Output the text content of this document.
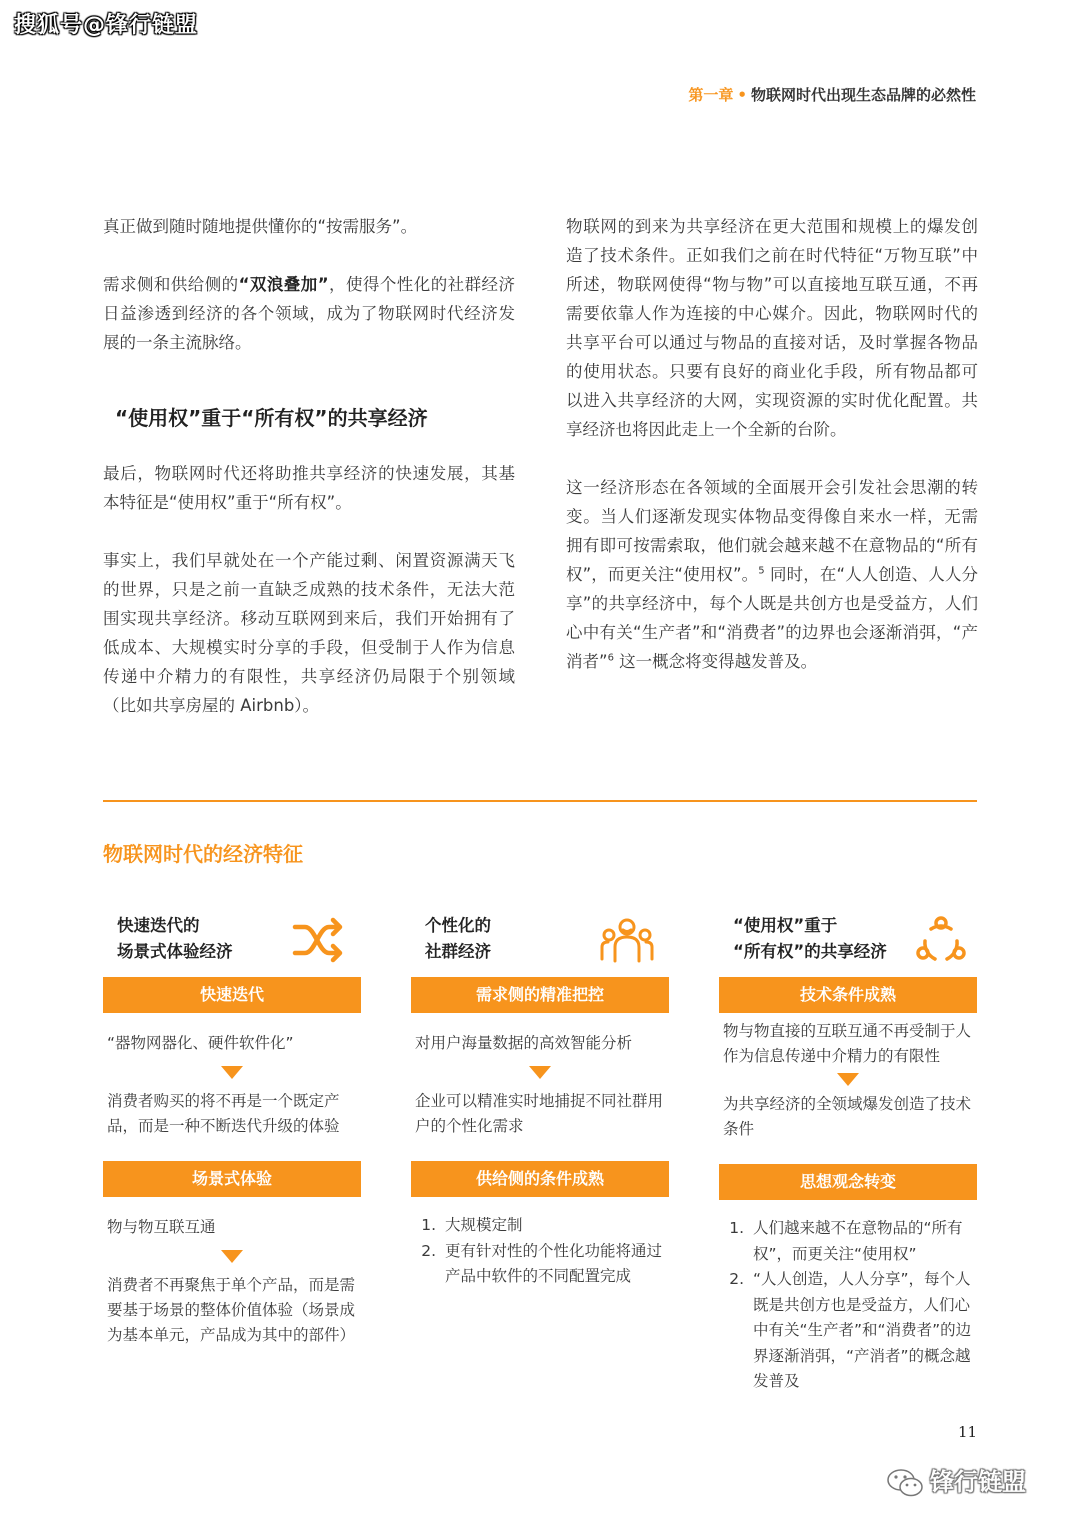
搜狐号@锋行链盟
第一章 • 物联网时代出现生态品牌的必然性

真正做到随时随地提供懂你的“按需服务”。

需求侧和供给侧的“双浪叠加”，使得个性化的社群经济日益渗透到经济的各个领域，成为了物联网时代经济发展的一条主流脉络。

“使用权”重于“所有权”的共享经济

最后，物联网时代还将助推共享经济的快速发展，其基本特征是“使用权”重于“所有权”。

事实上，我们早就处在一个产能过剩、闲置资源满天飞的世界，只是之前一直缺乏成熟的技术条件，无法大范围实现共享经济。移动互联网到来后，我们开始拥有了低成本、大规模实时分享的手段，但受制于人作为信息传递中介精力的有限性，共享经济仍局限于个别领域（比如共享房屋的 Airbnb）。

物联网的到来为共享经济在更大范围和规模上的爆发创造了技术条件。正如我们之前在时代特征“万物互联”中所述，物联网使得“物与物”可以直接地互联互通，不再需要依靠人作为连接的中心媒介。因此，物联网时代的共享平台可以通过与物品的直接对话，及时掌握各物品的使用状态。只要有良好的商业化手段，所有物品都可以进入共享经济的大网，实现资源的实时优化配置。共享经济也将因此走上一个全新的台阶。

这一经济形态在各领域的全面展开会引发社会思潮的转变。当人们逐渐发现实体物品变得像自来水一样，无需拥有即可按需索取，他们就会越来越不在意物品的“所有权”，而更关注“使用权”。$^5$ 同时，在“人人创造、人人分享”的共享经济中，每个人既是共创方也是受益方，人们心中有关“生产者”和“消费者”的边界也会逐渐消弭，“产消者”$^6$ 这一概念将变得越发普及。

物联网时代的经济特征
快速迭代的
场景式体验经济
快速迭代
“器物网器化、硬件软件化”
消费者购买的将不再是一个既定产品，而是一种不断迭代升级的体验
场景式体验
物与物互联互通
消费者不再聚焦于单个产品，而是需要基于场景的整体价值体验（场景成为基本单元，产品成为其中的部件）
个性化的
社群经济
需求侧的精准把控
对用户海量数据的高效智能分析
企业可以精准实时地捕捉不同社群用户的个性化需求
供给侧的条件成熟
1. 大规模定制
2. 更有针对性的个性化功能将通过产品中软件的不同配置完成
“使用权”重于
“所有权”的共享经济
技术条件成熟
物与物直接的互联互通不再受制于人作为信息传递中介精力的有限性
为共享经济的全领域爆发创造了技术条件
思想观念转变
1. 人们越来越不在意物品的“所有权”，而更关注“使用权”
2. “人人创造，人人分享”，每个人既是共创方也是受益方，人们心中有关“生产者”和“消费者”的边界逐渐消弭，“产消者”的概念越发普及
11
锋行链盟
